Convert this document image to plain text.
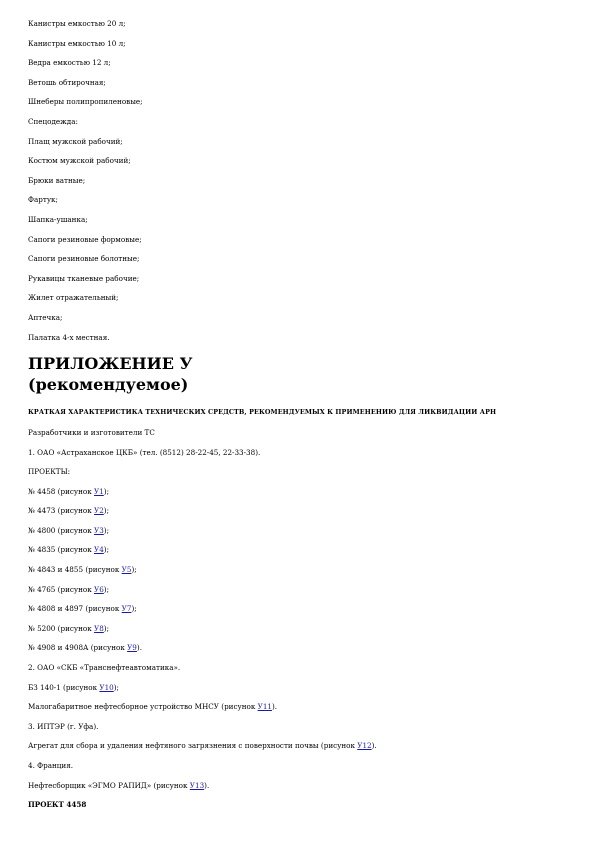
Канистры емкостью 20 л;
Канистры емкостью 10 л;
Ведра емкостью 12 л;
Ветошь обтирочная;
Шнеберы полипропиленовые;
Спецодежда:
Плащ мужской рабочий;
Костюм мужской рабочий;
Брюки ватные;
Фартук;
Шапка-ушанка;
Сапоги резиновые формовые;
Сапоги резиновые болотные;
Рукавицы тканевые рабочие;
Жилет отражательный;
Аптечка;
Палатка 4-х местная.
ПРИЛОЖЕНИЕ У
(рекомендуемое)
КРАТКАЯ ХАРАКТЕРИСТИКА ТЕХНИЧЕСКИХ СРЕДСТВ, РЕКОМЕНДУЕМЫХ К ПРИМЕНЕНИЮ ДЛЯ ЛИКВИДАЦИИ АРН
Разработчики и изготовители ТС
1. ОАО «Астраханское ЦКБ» (тел. (8512) 28-22-45, 22-33-38).
ПРОЕКТЫ:
№ 4458 (рисунок У1);
№ 4473 (рисунок У2);
№ 4800 (рисунок У3);
№ 4835 (рисунок У4);
№ 4843 и 4855 (рисунок У5);
№ 4765 (рисунок У6);
№ 4808 и 4897 (рисунок У7);
№ 5200 (рисунок У8);
№ 4908 и 4908А (рисунок У9).
2. ОАО «СКБ «Транснефтеавтоматика».
БЗ 140-1 (рисунок У10);
Малогабаритное нефтесборное устройство МНСУ (рисунок У11).
3. ИПТЭР (г. Уфа).
Агрегат для сбора и удаления нефтяного загрязнения с поверхности почвы (рисунок У12).
4. Франция.
Нефтесборщик «ЭГМО РАПИД» (рисунок У13).
ПРОЕКТ 4458
